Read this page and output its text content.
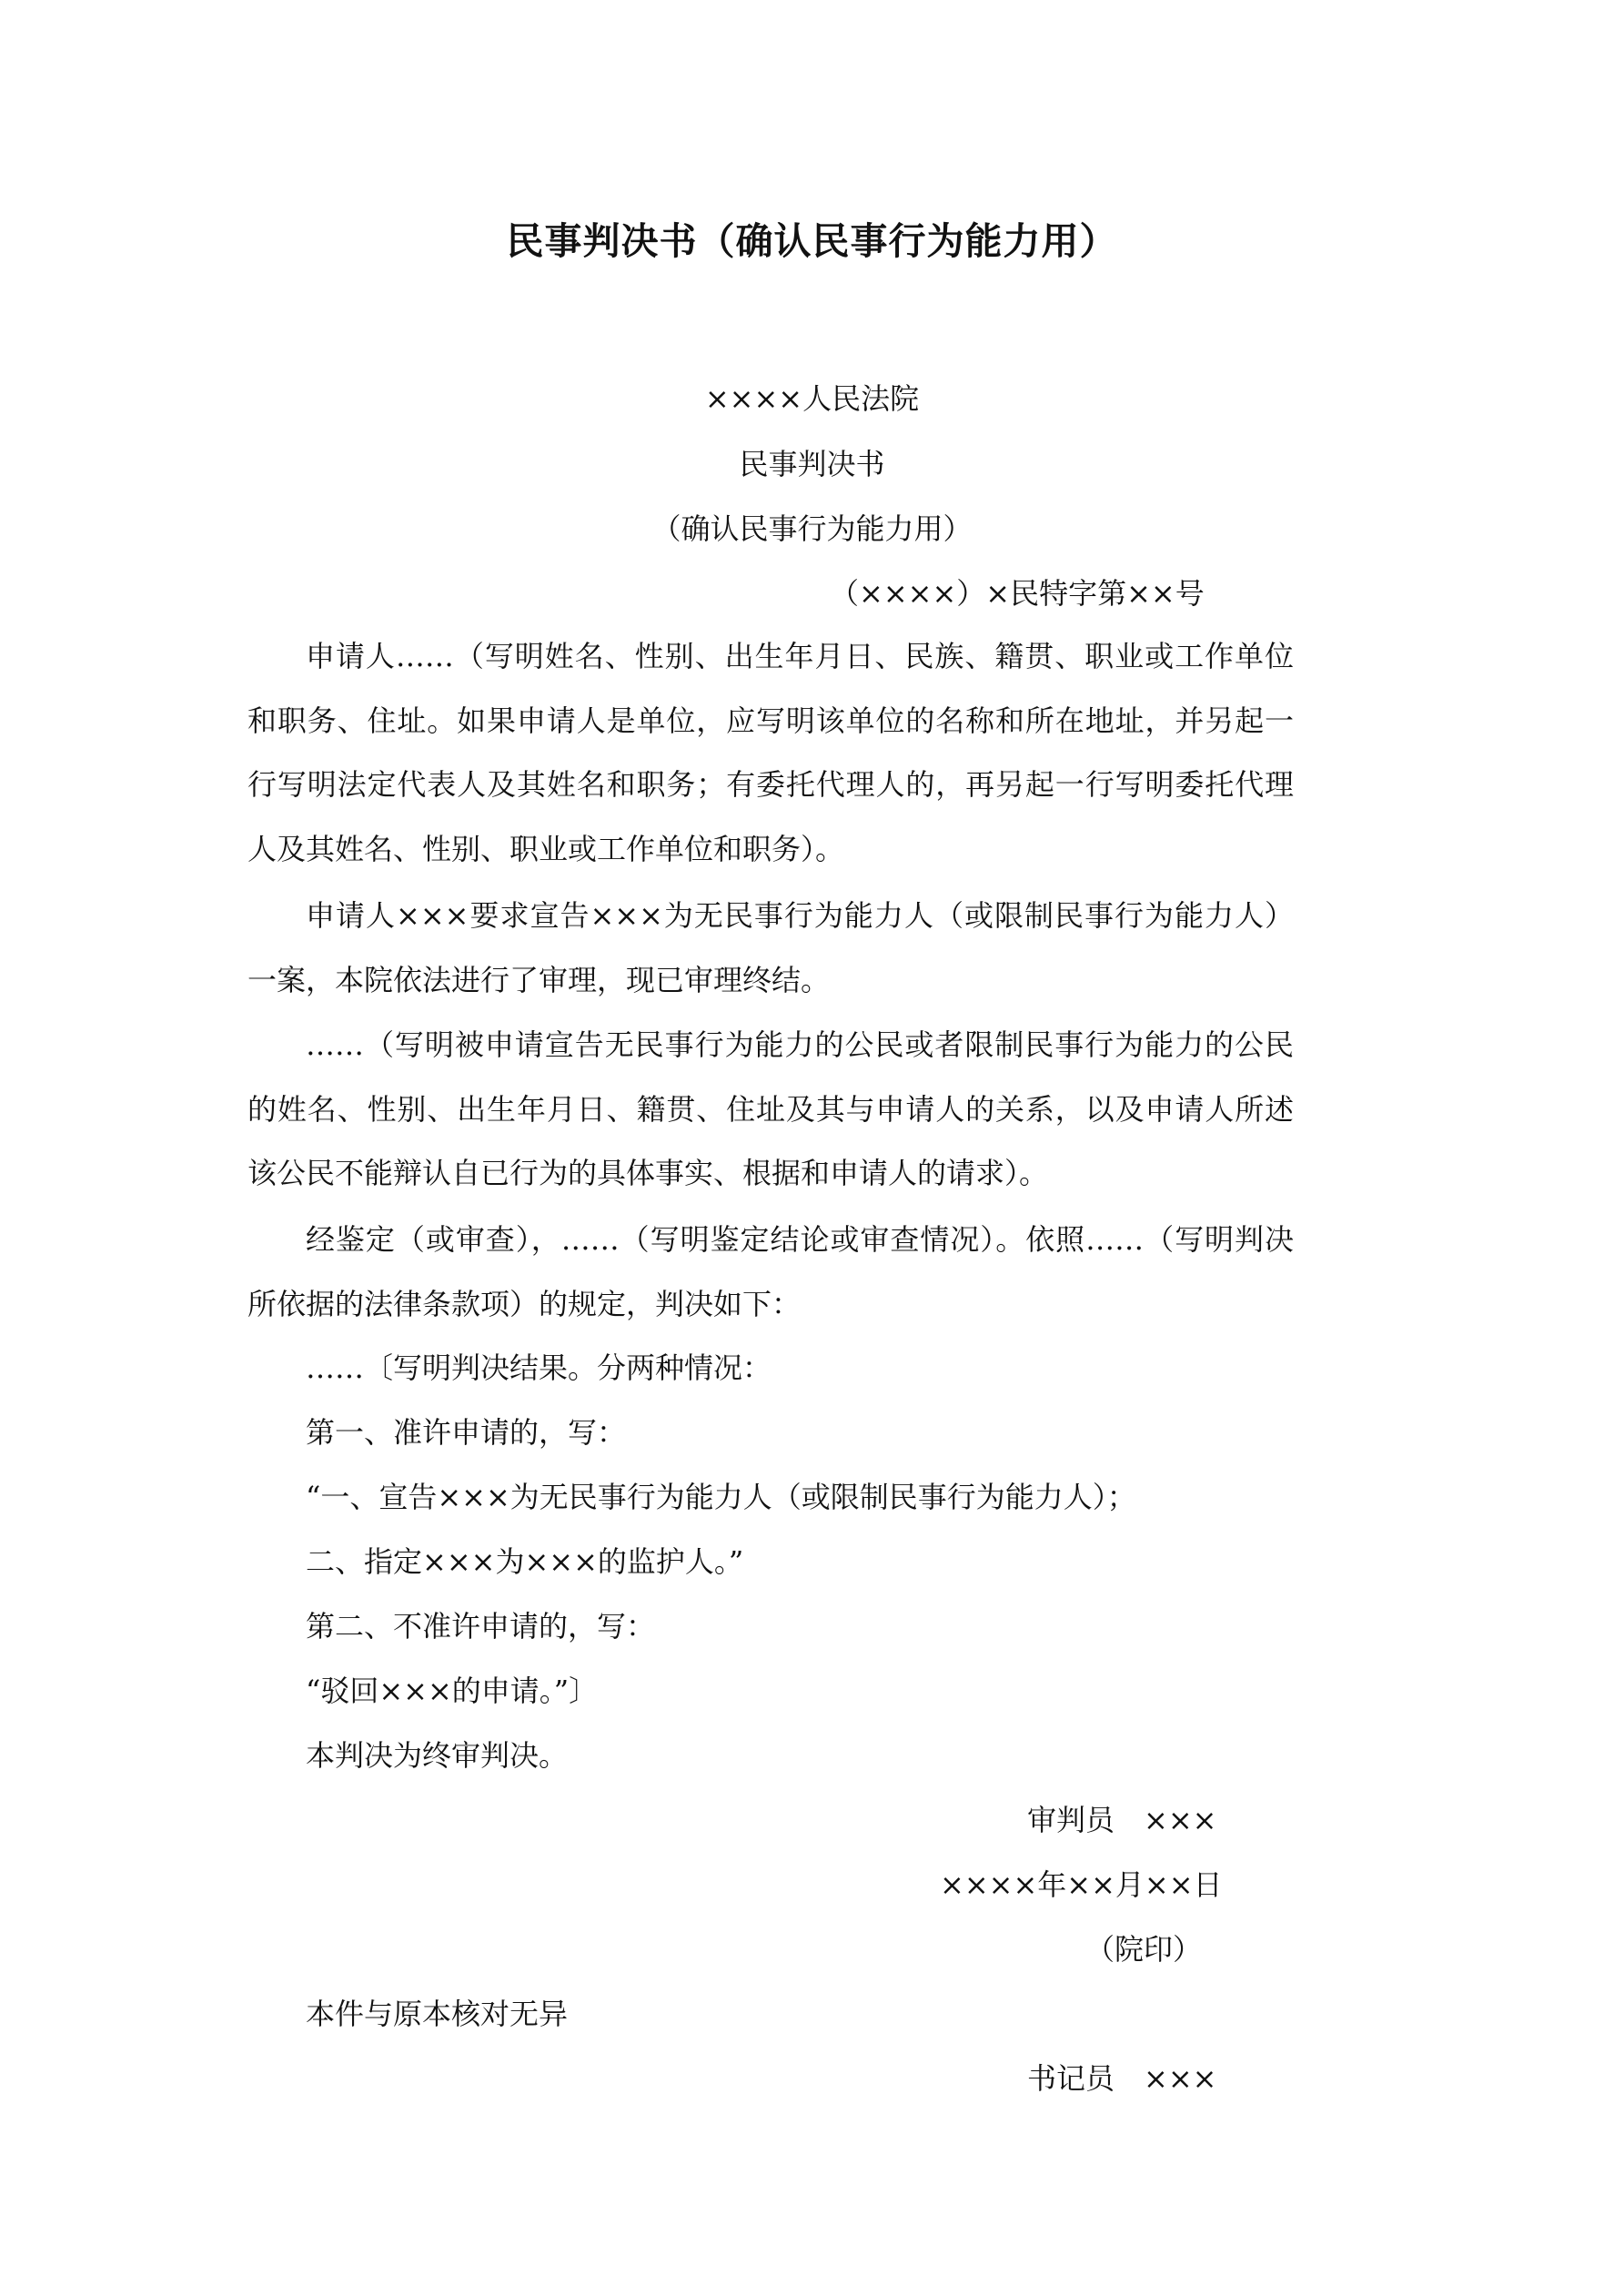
民事判决书（确认民事行为能力用）
××××人民法院
民事判决书
（确认民事行为能力用）
（××××）×民特字第××号

申请人……（写明姓名、性别、出生年月日、民族、籍贯、职业或工作单位和职务、住址。如果申请人是单位，应写明该单位的名称和所在地址，并另起一行写明法定代表人及其姓名和职务；有委托代理人的，再另起一行写明委托代理人及其姓名、性别、职业或工作单位和职务）。

申请人×××要求宣告×××为无民事行为能力人（或限制民事行为能力人）一案，本院依法进行了审理，现已审理终结。

……（写明被申请宣告无民事行为能力的公民或者限制民事行为能力的公民的姓名、性别、出生年月日、籍贯、住址及其与申请人的关系，以及申请人所述该公民不能辩认自已行为的具体事实、根据和申请人的请求）。

经鉴定（或审查），……（写明鉴定结论或审查情况）。依照……（写明判决所依据的法律条款项）的规定，判决如下：

……〔写明判决结果。分两种情况：
第一、准许申请的，写：
“一、宣告×××为无民事行为能力人（或限制民事行为能力人）；
二、指定×××为×××的监护人。”
第二、不准许申请的，写：
“驳回×××的申请。”〕
本判决为终审判决。
审判员　×××
××××年××月××日
（院印）
本件与原本核对无异
书记员　×××
